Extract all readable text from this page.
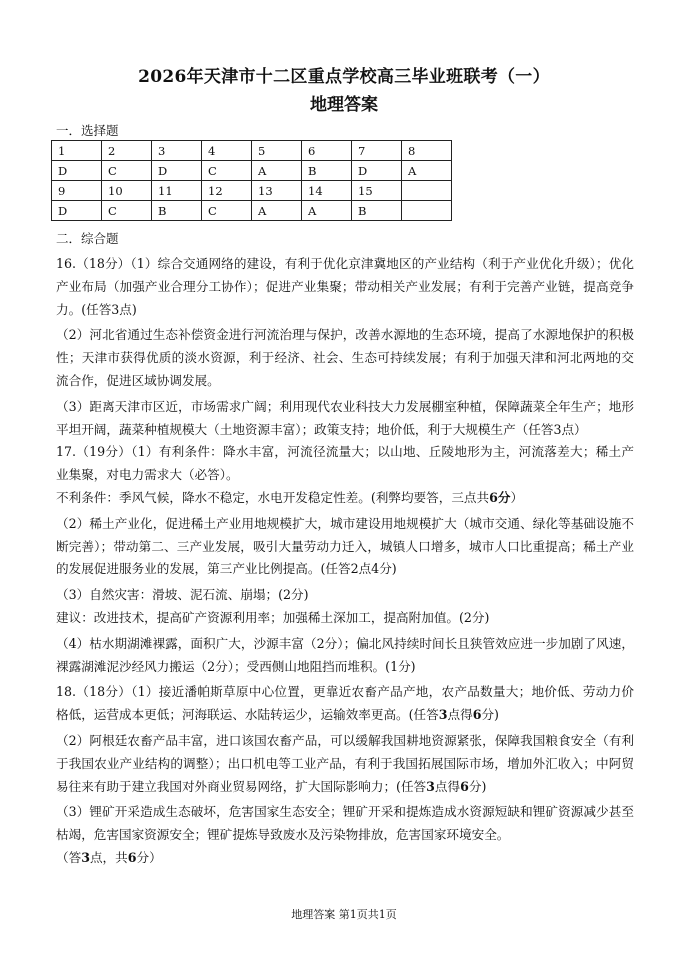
2026年天津市十二区重点学校高三毕业班联考（一）
地理答案
一．选择题
1	2	3	4	5	6	7	8
D	C	D	C	A	B	D	A
9	10	11	12	13	14	15	
D	C	B	C	A	A	B	
二．综合题

16.（18分）（1）综合交通网络的建设，有利于优化京津冀地区的产业结构（利于产业优化升级）；优化产业布局（加强产业合理分工协作）；促进产业集聚；带动相关产业发展；有利于完善产业链，提高竞争力。(任答3点)

（2）河北省通过生态补偿资金进行河流治理与保护，改善水源地的生态环境，提高了水源地保护的积极性；天津市获得优质的淡水资源，利于经济、社会、生态可持续发展；有利于加强天津和河北两地的交流合作，促进区域协调发展。

（3）距离天津市区近，市场需求广阔；利用现代农业科技大力发展棚室种植，保障蔬菜全年生产；地形平坦开阔，蔬菜种植规模大（土地资源丰富）；政策支持；地价低，利于大规模生产（任答3点）

17.（19分）（1）有利条件：降水丰富，河流径流量大；以山地、丘陵地形为主，河流落差大；稀土产业集聚，对电力需求大（必答）。

不利条件：季风气候，降水不稳定，水电开发稳定性差。(利弊均要答，三点共6分）

（2）稀土产业化，促进稀土产业用地规模扩大，城市建设用地规模扩大（城市交通、绿化等基础设施不断完善）；带动第二、三产业发展，吸引大量劳动力迁入，城镇人口增多，城市人口比重提高；稀土产业的发展促进服务业的发展，第三产业比例提高。(任答2点4分)

（3）自然灾害：滑坡、泥石流、崩塌；(2分)

建议：改进技术，提高矿产资源利用率；加强稀土深加工，提高附加值。(2分)

（4）枯水期湖滩裸露，面积广大，沙源丰富（2分）；偏北风持续时间长且狭管效应进一步加剧了风速，裸露湖滩泥沙经风力搬运（2分）；受西侧山地阻挡而堆积。(1分)

18.（18分）（1）接近潘帕斯草原中心位置，更靠近农畜产品产地，农产品数量大；地价低、劳动力价格低，运营成本更低；河海联运、水陆转运少，运输效率更高。(任答3点得6分)

（2）阿根廷农畜产品丰富，进口该国农畜产品，可以缓解我国耕地资源紧张，保障我国粮食安全（有利于我国农业产业结构的调整）；出口机电等工业产品，有利于我国拓展国际市场，增加外汇收入；中阿贸易往来有助于建立我国对外商业贸易网络，扩大国际影响力；(任答3点得6分)

（3）锂矿开采造成生态破坏，危害国家生态安全；锂矿开采和提炼造成水资源短缺和锂矿资源减少甚至枯竭，危害国家资源安全；锂矿提炼导致废水及污染物排放，危害国家环境安全。

（答3点，共6分）

地理答案 第1页共1页
